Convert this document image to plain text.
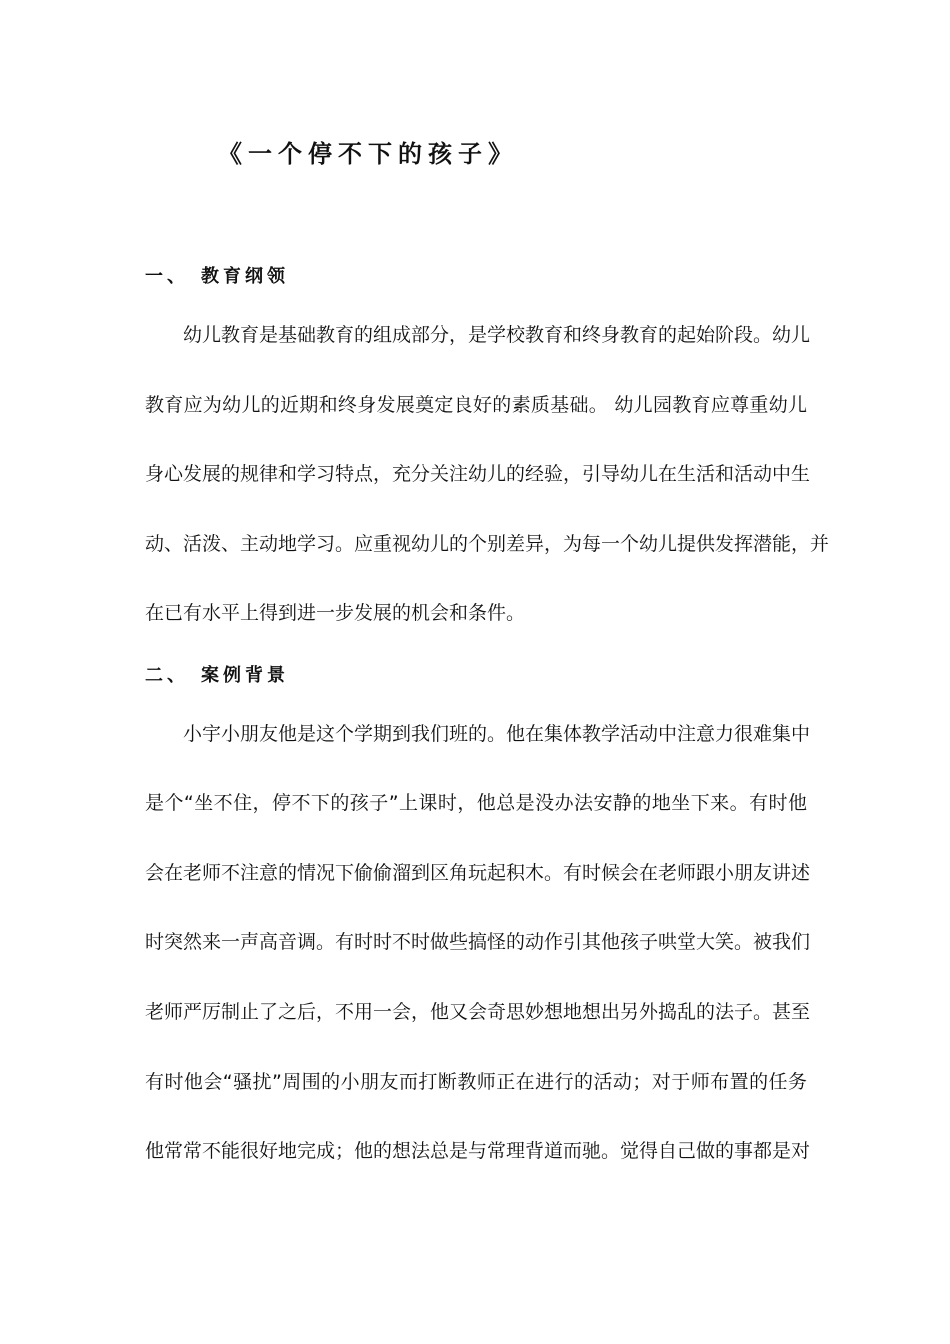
《一个停不下的孩子》
一、 教育纲领
幼儿教育是基础教育的组成部分，是学校教育和终身教育的起始阶段。幼儿
教育应为幼儿的近期和终身发展奠定良好的素质基础。 幼儿园教育应尊重幼儿
身心发展的规律和学习特点，充分关注幼儿的经验，引导幼儿在生活和活动中生
动、活泼、主动地学习。应重视幼儿的个别差异，为每一个幼儿提供发挥潜能，并
在已有水平上得到进一步发展的机会和条件。
二、 案例背景
小宇小朋友他是这个学期到我们班的。他在集体教学活动中注意力很难集中
是个“坐不住，停不下的孩子”上课时，他总是没办法安静的地坐下来。有时他
会在老师不注意的情况下偷偷溜到区角玩起积木。有时候会在老师跟小朋友讲述
时突然来一声高音调。有时时不时做些搞怪的动作引其他孩子哄堂大笑。被我们
老师严厉制止了之后，不用一会，他又会奇思妙想地想出另外捣乱的法子。甚至
有时他会“骚扰”周围的小朋友而打断教师正在进行的活动；对于师布置的任务
他常常不能很好地完成；他的想法总是与常理背道而驰。觉得自己做的事都是对
